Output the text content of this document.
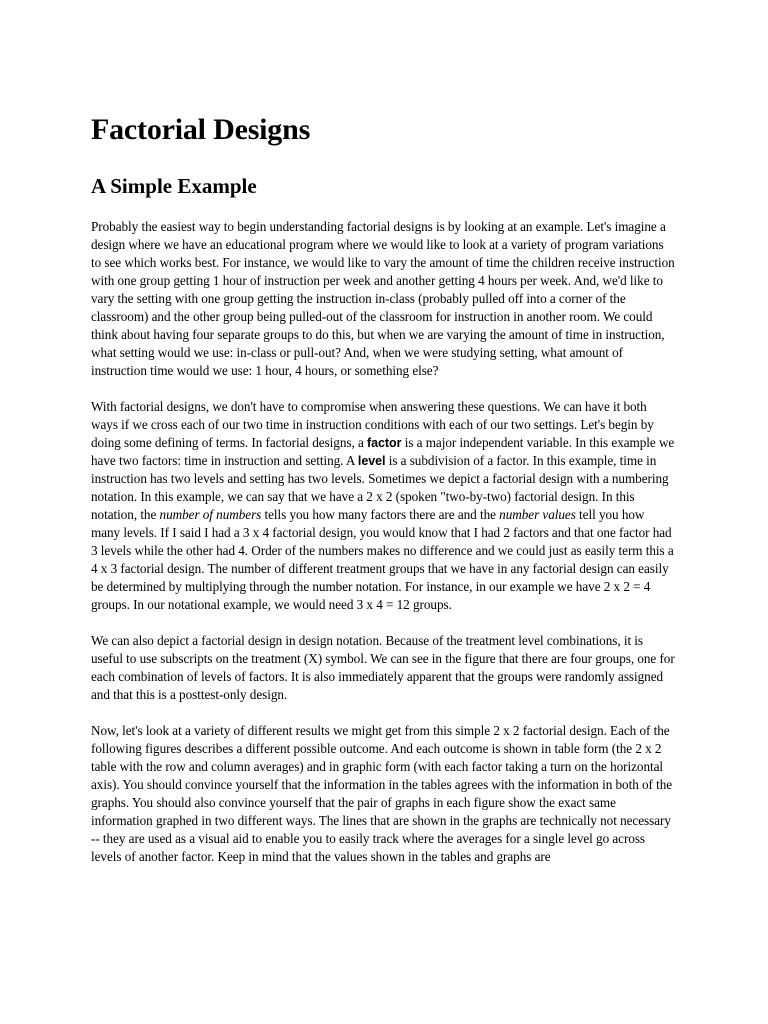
Factorial Designs
A Simple Example

Probably the easiest way to begin understanding factorial designs is by looking at an example. Let's imagine a design where we have an educational program where we would like to look at a variety of program variations to see which works best. For instance, we would like to vary the amount of time the children receive instruction with one group getting 1 hour of instruction per week and another getting 4 hours per week. And, we'd like to vary the setting with one group getting the instruction in-class (probably pulled off into a corner of the classroom) and the other group being pulled-out of the classroom for instruction in another room. We could think about having four separate groups to do this, but when we are varying the amount of time in instruction, what setting would we use: in-class or pull-out? And, when we were studying setting, what amount of instruction time would we use: 1 hour, 4 hours, or something else?

With factorial designs, we don't have to compromise when answering these questions. We can have it both ways if we cross each of our two time in instruction conditions with each of our two settings. Let's begin by doing some defining of terms. In factorial designs, a factor is a major independent variable. In this example we have two factors: time in instruction and setting. A level is a subdivision of a factor. In this example, time in instruction has two levels and setting has two levels. Sometimes we depict a factorial design with a numbering notation. In this example, we can say that we have a 2 x 2 (spoken "two-by-two) factorial design. In this notation, the number of numbers tells you how many factors there are and the number values tell you how many levels. If I said I had a 3 x 4 factorial design, you would know that I had 2 factors and that one factor had 3 levels while the other had 4. Order of the numbers makes no difference and we could just as easily term this a 4 x 3 factorial design. The number of different treatment groups that we have in any factorial design can easily be determined by multiplying through the number notation. For instance, in our example we have 2 x 2 = 4 groups. In our notational example, we would need 3 x 4 = 12 groups.

We can also depict a factorial design in design notation. Because of the treatment level combinations, it is useful to use subscripts on the treatment (X) symbol. We can see in the figure that there are four groups, one for each combination of levels of factors. It is also immediately apparent that the groups were randomly assigned and that this is a posttest-only design.

Now, let's look at a variety of different results we might get from this simple 2 x 2 factorial design. Each of the following figures describes a different possible outcome. And each outcome is shown in table form (the 2 x 2 table with the row and column averages) and in graphic form (with each factor taking a turn on the horizontal axis). You should convince yourself that the information in the tables agrees with the information in both of the graphs. You should also convince yourself that the pair of graphs in each figure show the exact same information graphed in two different ways. The lines that are shown in the graphs are technically not necessary -- they are used as a visual aid to enable you to easily track where the averages for a single level go across levels of another factor. Keep in mind that the values shown in the tables and graphs are
